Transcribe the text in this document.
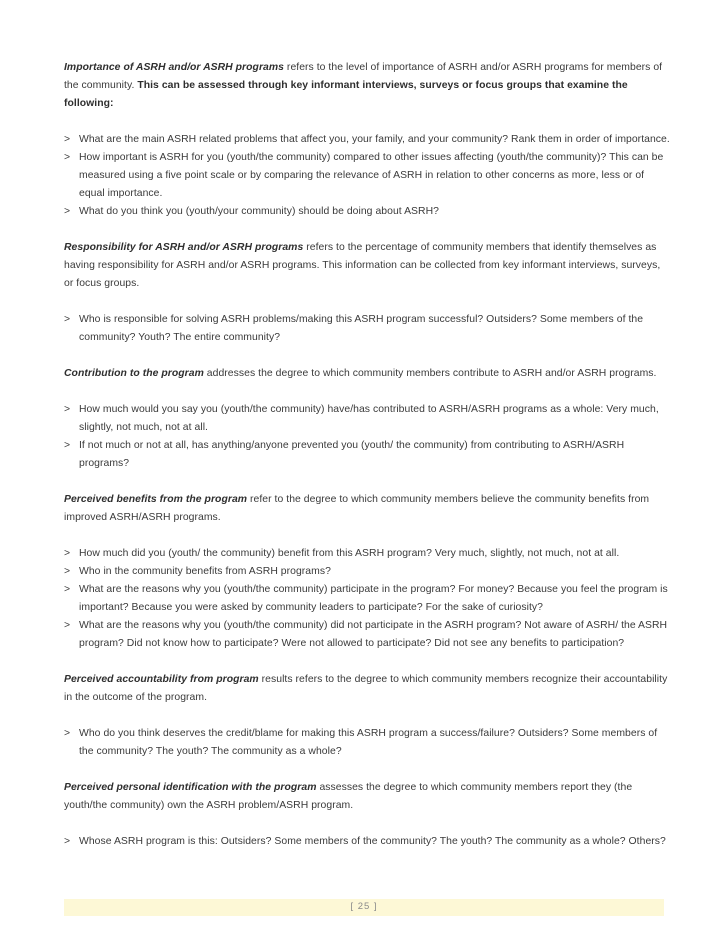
Importance of ASRH and/or ASRH programs refers to the level of importance of ASRH and/or ASRH programs for members of the community. This can be assessed through key informant interviews, surveys or focus groups that examine the following:

> What are the main ASRH related problems that affect you, your family, and your community? Rank them in order of importance.
> How important is ASRH for you (youth/the community) compared to other issues affecting (youth/the community)? This can be measured using a five point scale or by comparing the relevance of ASRH in relation to other concerns as more, less or of equal importance.
> What do you think you (youth/your community) should be doing about ASRH?

Responsibility for ASRH and/or ASRH programs refers to the percentage of community members that identify themselves as having responsibility for ASRH and/or ASRH programs. This information can be collected from key informant interviews, surveys, or focus groups.

> Who is responsible for solving ASRH problems/making this ASRH program successful? Outsiders? Some members of the community? Youth? The entire community?

Contribution to the program addresses the degree to which community members contribute to ASRH and/or ASRH programs.

> How much would you say you (youth/the community) have/has contributed to ASRH/ASRH programs as a whole: Very much, slightly, not much, not at all.
> If not much or not at all, has anything/anyone prevented you (youth/ the community) from contributing to ASRH/ASRH programs?

Perceived benefits from the program refer to the degree to which community members believe the community benefits from improved ASRH/ASRH programs.

> How much did you (youth/ the community) benefit from this ASRH program? Very much, slightly, not much, not at all.
> Who in the community benefits from ASRH programs?
> What are the reasons why you (youth/the community) participate in the program? For money? Because you feel the program is important? Because you were asked by community leaders to participate? For the sake of curiosity?
> What are the reasons why you (youth/the community) did not participate in the ASRH program? Not aware of ASRH/ the ASRH program? Did not know how to participate? Were not allowed to participate? Did not see any benefits to participation?

Perceived accountability from program results refers to the degree to which community members recognize their accountability in the outcome of the program.

> Who do you think deserves the credit/blame for making this ASRH program a success/failure? Outsiders? Some members of the community? The youth? The community as a whole?

Perceived personal identification with the program assesses the degree to which community members report they (the youth/the community) own the ASRH problem/ASRH program.

> Whose ASRH program is this: Outsiders? Some members of the community? The youth? The community as a whole? Others?
[ 25 ]
